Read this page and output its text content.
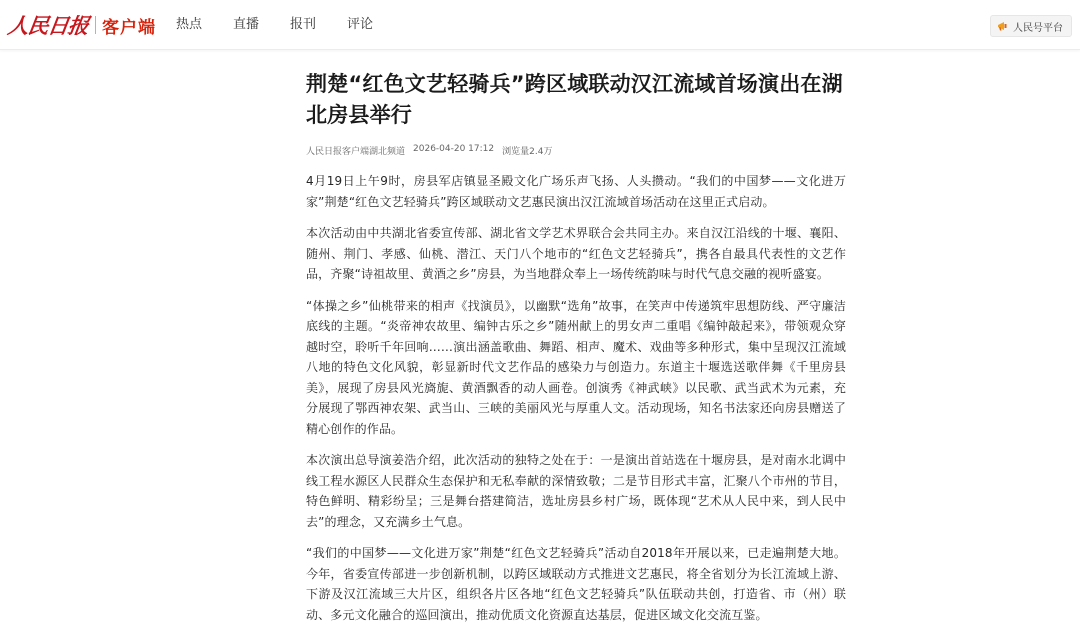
人民日报 客户端 热点 直播 报刊 评论	人民号平台
荆楚“红色文艺轻骑兵”跨区域联动汉江流域首场演出在湖北房县举行
人民日报客户端湖北频道 2026-04-20 17:12 浏览量2.4万

4月19日上午9时，房县军店镇显圣殿文化广场乐声飞扬、人头攒动。“我们的中国梦——文化进万家”荆楚“红色文艺轻骑兵”跨区域联动文艺惠民演出汉江流域首场活动在这里正式启动。

本次活动由中共湖北省委宣传部、湖北省文学艺术界联合会共同主办。来自汉江沿线的十堰、襄阳、随州、荆门、孝感、仙桃、潜江、天门八个地市的“红色文艺轻骑兵”，携各自最具代表性的文艺作品，齐聚“诗祖故里、黄酒之乡”房县，为当地群众奉上一场传统韵味与时代气息交融的视听盛宴。

“体操之乡”仙桃带来的相声《找演员》，以幽默“选角”故事，在笑声中传递筑牢思想防线、严守廉洁底线的主题。“炎帝神农故里、编钟古乐之乡”随州献上的男女声二重唱《编钟敲起来》，带领观众穿越时空，聆听千年回响……演出涵盖歌曲、舞蹈、相声、魔术、戏曲等多种形式，集中呈现汉江流域八地的特色文化风貌，彰显新时代文艺作品的感染力与创造力。东道主十堰选送歌伴舞《千里房县美》，展现了房县风光旖旎、黄酒飘香的动人画卷。创演秀《神武峡》以民歌、武当武术为元素，充分展现了鄂西神农架、武当山、三峡的美丽风光与厚重人文。活动现场，知名书法家还向房县赠送了精心创作的作品。

本次演出总导演姜浩介绍，此次活动的独特之处在于：一是演出首站选在十堰房县，是对南水北调中线工程水源区人民群众生态保护和无私奉献的深情致敬；二是节目形式丰富，汇聚八个市州的节目，特色鲜明、精彩纷呈；三是舞台搭建简洁，选址房县乡村广场，既体现“艺术从人民中来，到人民中去”的理念，又充满乡土气息。

“我们的中国梦——文化进万家”荆楚“红色文艺轻骑兵”活动自2018年开展以来，已走遍荆楚大地。今年，省委宣传部进一步创新机制，以跨区域联动方式推进文艺惠民，将全省划分为长江流域上游、下游及汉江流域三大片区，组织各片区各地“红色文艺轻骑兵”队伍联动共创，打造省、市（州）联动、多元文化融合的巡回演出，推动优质文化资源直达基层，促进区域文化交流互鉴。
